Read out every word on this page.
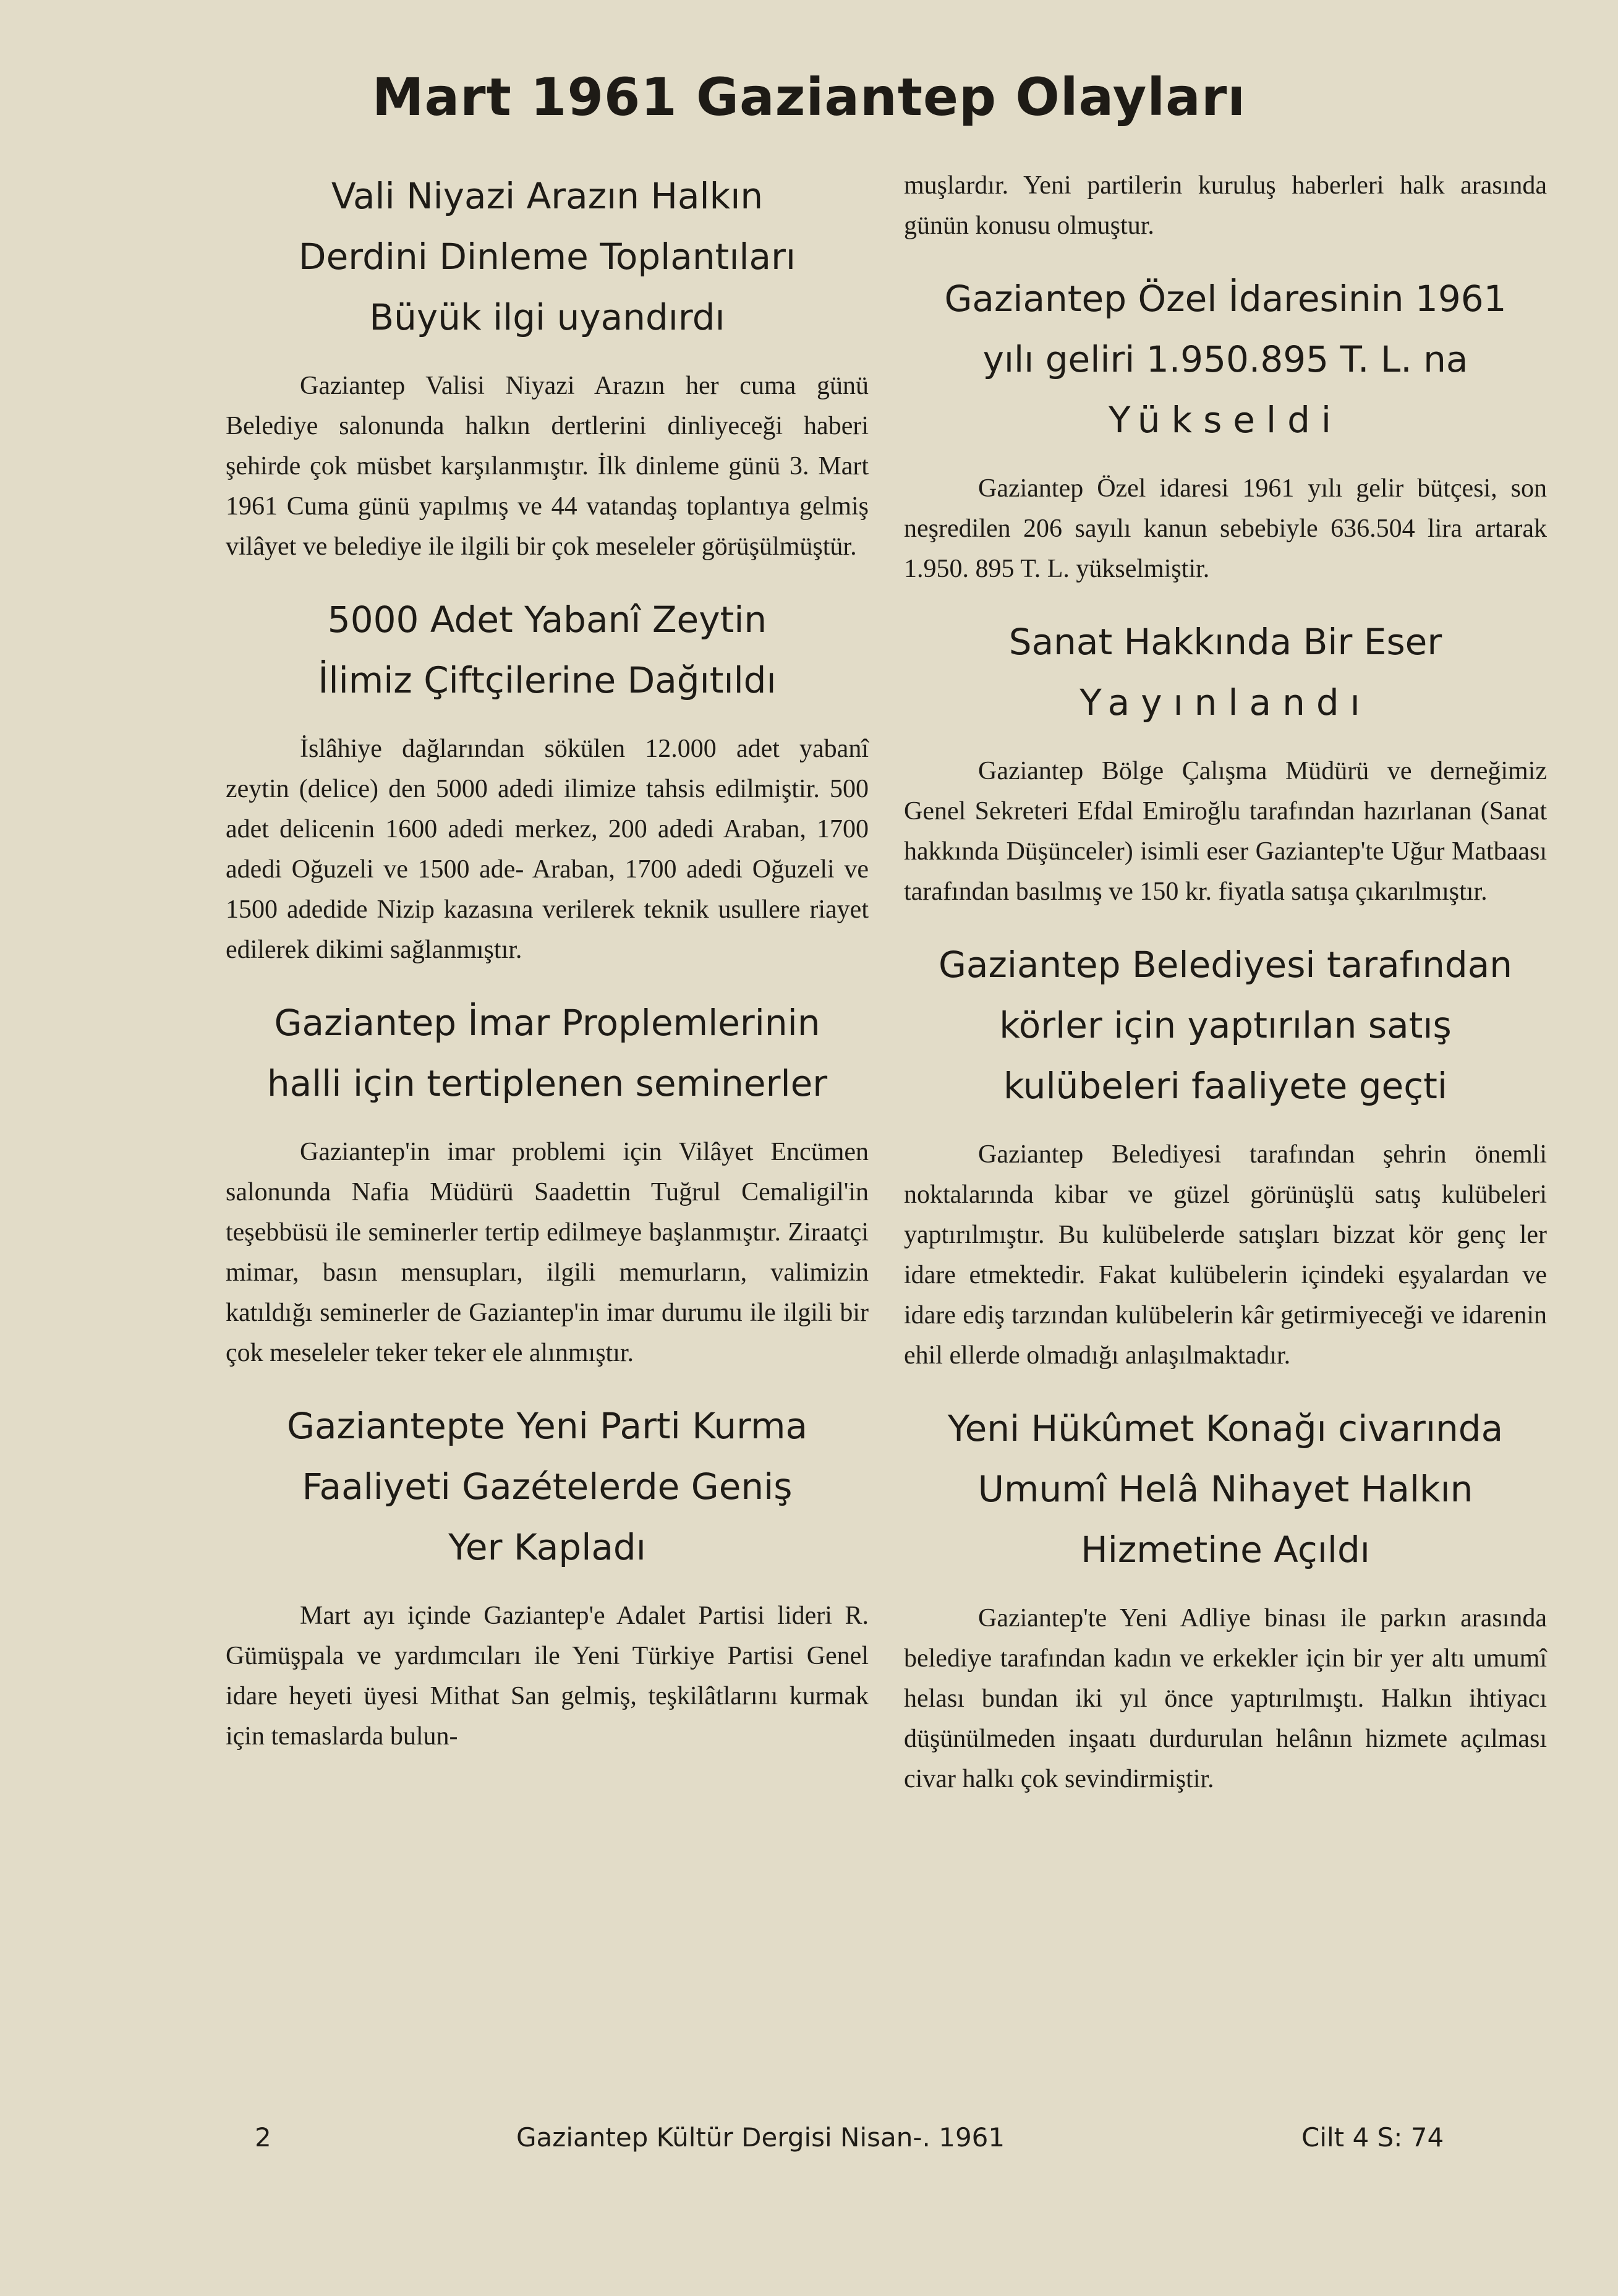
Mart 1961 Gaziantep Olayları
Vali Niyazi Arazın Halkın
Derdini Dinleme Toplantıları
Büyük ilgi uyandırdı

Gaziantep Valisi Niyazi Arazın her cuma günü Belediye salonunda halkın dertlerini dinliyeceği haberi şehirde çok müsbet karşılanmıştır. İlk dinleme günü 3. Mart 1961 Cuma günü yapılmış ve 44 vatandaş toplantıya gelmiş vilâyet ve belediye ile ilgili bir çok meseleler görüşülmüştür.

5000 Adet Yabanî Zeytin
İlimiz Çiftçilerine Dağıtıldı

İslâhiye dağlarından sökülen 12.000 adet yabanî zeytin (delice) den 5000 adedi ilimize tahsis edilmiştir. 500 adet delicenin 1600 adedi merkez, 200 adedi Araban, 1700 adedi Oğuzeli ve 1500 ade- Araban, 1700 adedi Oğuzeli ve 1500 adedide Nizip kazasına verilerek teknik usullere riayet edilerek dikimi sağlanmıştır.

Gaziantep İmar Proplemlerinin
halli için tertiplenen seminerler

Gaziantep'in imar problemi için Vilâyet Encümen salonunda Nafia Müdürü Saadettin Tuğrul Cemaligil'in teşebbüsü ile seminerler tertip edilmeye başlanmıştır. Ziraatçi mimar, basın mensupları, ilgili memurların, valimizin katıldığı seminerler de Gaziantep'in imar durumu ile ilgili bir çok meseleler teker teker ele alınmıştır.

Gaziantepte Yeni Parti Kurma
Faaliyeti Gazételerde Geniş
Yer Kapladı

Mart ayı içinde Gaziantep'e Adalet Partisi lideri R. Gümüşpala ve yardımcıları ile Yeni Türkiye Partisi Genel idare heyeti üyesi Mithat San gelmiş, teşkilâtlarını kurmak için temaslarda bulun-

muşlardır. Yeni partilerin kuruluş haberleri halk arasında günün konusu olmuştur.

Gaziantep Özel İdaresinin 1961
yılı geliri 1.950.895 T. L. na
Yükseldi

Gaziantep Özel idaresi 1961 yılı gelir bütçesi, son neşredilen 206 sayılı kanun sebebiyle 636.504 lira artarak 1.950. 895 T. L. yükselmiştir.

Sanat Hakkında Bir Eser
Yayınlandı

Gaziantep Bölge Çalışma Müdürü ve derneğimiz Genel Sekreteri Efdal Emiroğlu tarafından hazırlanan (Sanat hakkında Düşünceler) isimli eser Gaziantep'te Uğur Matbaası tarafından basılmış ve 150 kr. fiyatla satışa çıkarılmıştır.

Gaziantep Belediyesi tarafından
körler için yaptırılan satış
kulübeleri faaliyete geçti

Gaziantep Belediyesi tarafından şehrin önemli noktalarında kibar ve güzel görünüşlü satış kulübeleri yaptırılmıştır. Bu kulübelerde satışları bizzat kör genç ler idare etmektedir. Fakat kulübelerin içindeki eşyalardan ve idare ediş tarzından kulübelerin kâr getirmiyeceği ve idarenin ehil ellerde olmadığı anlaşılmaktadır.

Yeni Hükûmet Konağı civarında
Umumî Helâ Nihayet Halkın
Hizmetine Açıldı

Gaziantep'te Yeni Adliye binası ile parkın arasında belediye tarafından kadın ve erkekler için bir yer altı umumî helası bundan iki yıl önce yaptırılmıştı. Halkın ihtiyacı düşünülmeden inşaatı durdurulan helânın hizmete açılması civar halkı çok sevindirmiştir.

2	Gaziantep Kültür Dergisi Nisan-. 1961	Cilt 4 S: 74
